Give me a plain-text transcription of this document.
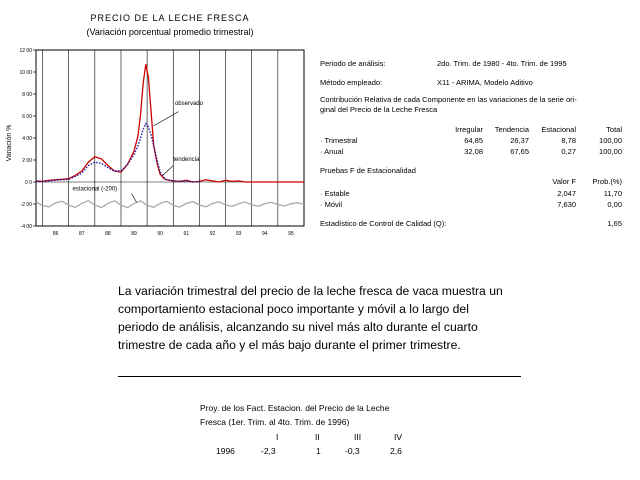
PRECIO DE LA LECHE FRESCA
(Variación porcentual promedio trimestral)
Variación %
-4 00
-2 00
0 0
2 00
4 00
6 00
8 00
10 00
12 00
86	87	88	89	90	91	92	93	94	95
observado
tendencia
estacional (-200)
Periodo de análisis:	2do. Trim. de 1980 - 4to. Trim. de 1995
Método empleado:	X11 - ARIMA, Modelo Aditivo
Contribución Relativa de cada Componente en las variaciones de la serie ori-
ginal del Precio de la Leche Fresca
Irregular	Tendencia	Estacional	Total
· Trimestral	64,85	26,37	8,78	100,00
· Anual	32,08	67,65	0,27	100,00
Pruebas F de Estacionalidad
Valor F	Prob.(%)
· Estable	2,047	11,70
· Móvil	7,630	0,00
Estadístico de Control de Calidad (Q):	1,65
La variación trimestral del precio de la leche fresca de vaca muestra un
comportamiento estacional poco importante y móvil a lo largo del
periodo de análisis, alcanzando su nivel más alto durante el cuarto
trimestre de cada año y el más bajo durante el primer trimestre.
Proy. de los Fact. Estacion. del Precio de la Leche
Fresca (1er. Trim. al 4to. Trim. de 1996)
I	II	III	IV
1996	-2,3	1	-0,3	2,6
